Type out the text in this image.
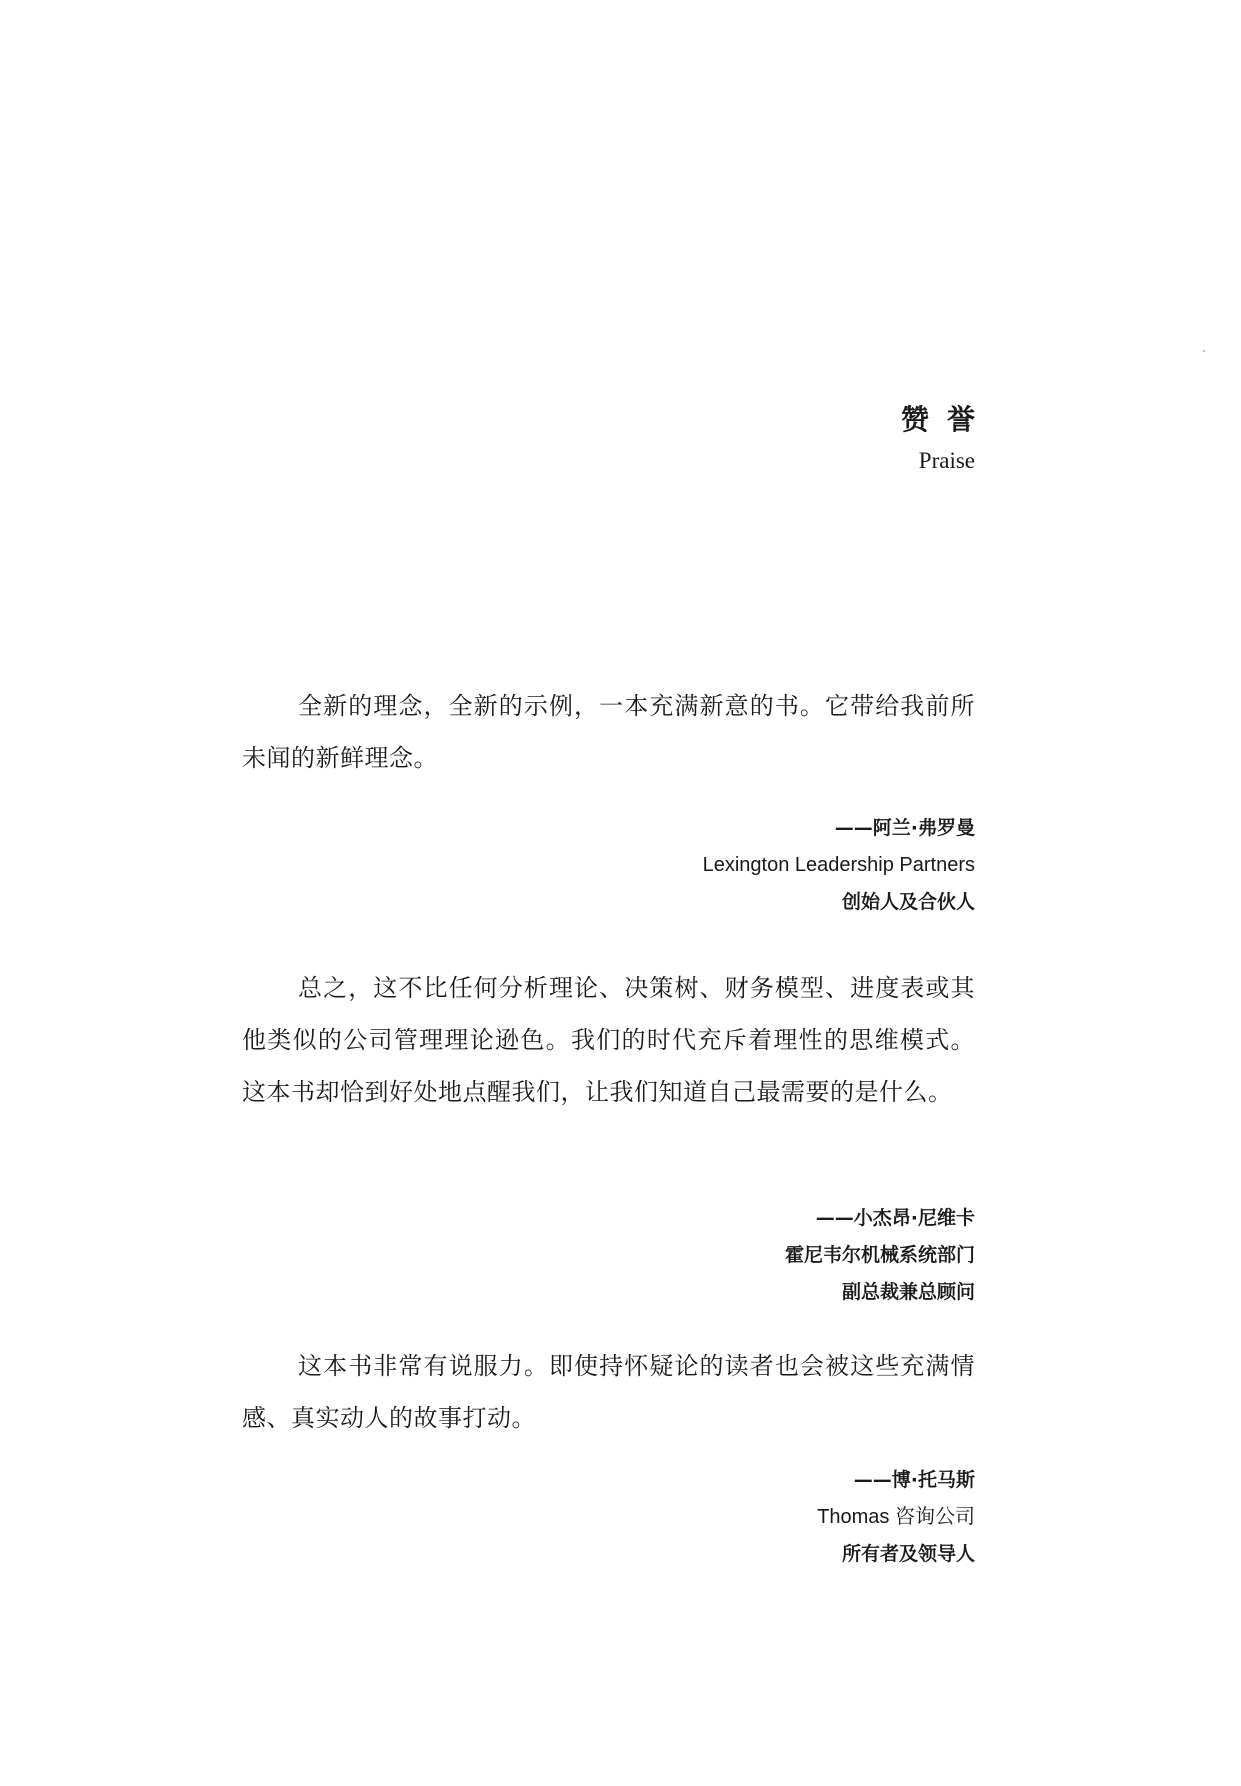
赞誉
Praise

全新的理念，全新的示例，一本充满新意的书。它带给我前所未闻的新鲜理念。

——阿兰·弗罗曼

Lexington Leadership Partners

创始人及合伙人

总之，这不比任何分析理论、决策树、财务模型、进度表或其他类似的公司管理理论逊色。我们的时代充斥着理性的思维模式。这本书却恰到好处地点醒我们，让我们知道自己最需要的是什么。

——小杰昂·尼维卡

霍尼韦尔机械系统部门

副总裁兼总顾问

这本书非常有说服力。即使持怀疑论的读者也会被这些充满情感、真实动人的故事打动。

——博·托马斯

Thomas 咨询公司

所有者及领导人
